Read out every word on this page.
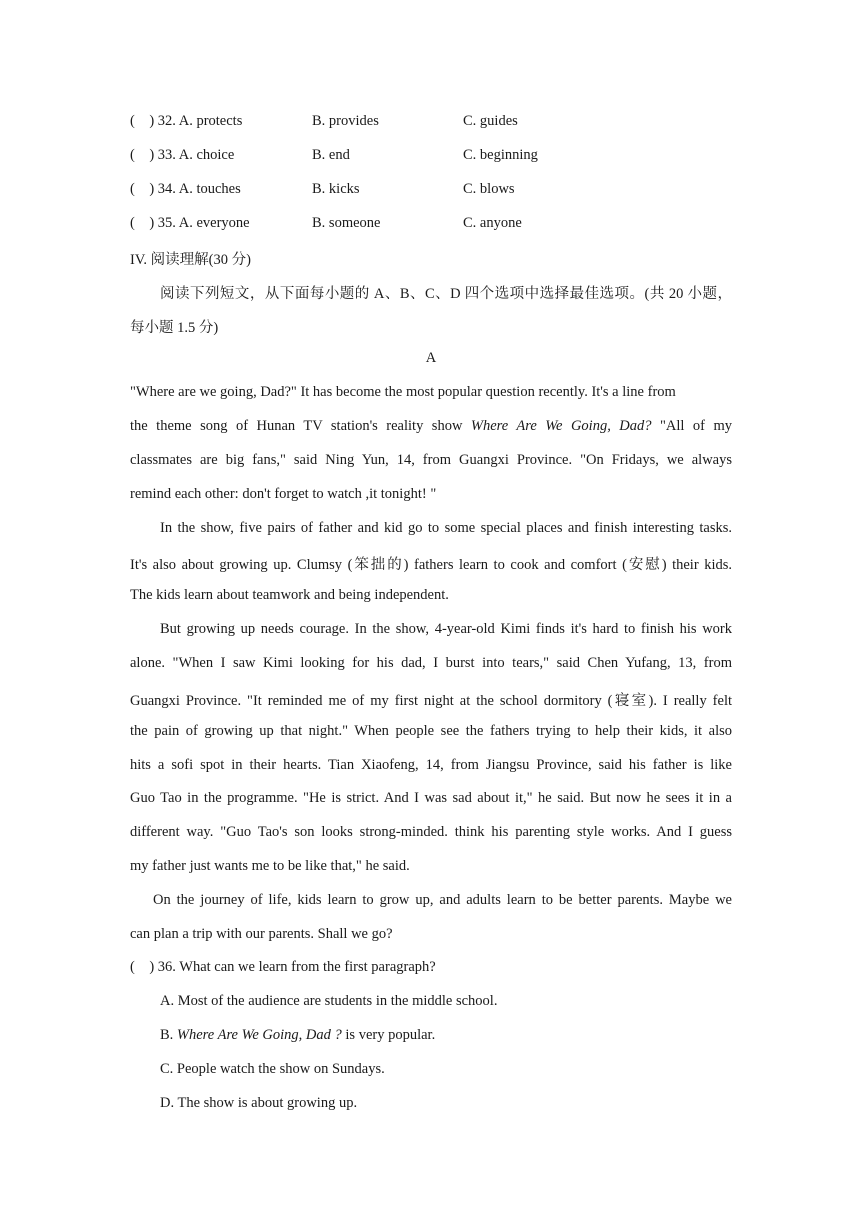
(    ) 32. A. protects	B. provides	C. guides
(    ) 33. A. choice	B. end	C. beginning
(    ) 34. A. touches	B. kicks	C. blows
(    ) 35. A. everyone	B. someone	C. anyone
IV. 阅读理解(30 分)
阅读下列短文，从下面每小题的 A、B、C、D 四个选项中选择最佳选项。(共 20 小题，
每小题 1.5 分)
A
"Where are we going, Dad?" It has become the most popular question recently. It's a line from
the theme song of Hunan TV station's reality show Where Are We Going, Dad? "All of my
classmates are big fans," said Ning Yun, 14, from Guangxi Province. "On Fridays, we always
remind each other: don't forget to watch ,it tonight! "
In the show, five pairs of father and kid go to some special places and finish interesting tasks.
It's also about growing up. Clumsy (笨拙的) fathers learn to cook and comfort (安慰) their kids.
The kids learn about teamwork and being independent.
But growing up needs courage. In the show, 4-year-old Kimi finds it's hard to finish his work
alone. "When I saw Kimi looking for his dad, I burst into tears," said Chen Yufang, 13, from
Guangxi Province. "It reminded me of my first night at the school dormitory (寝室). I really felt
the pain of growing up that night." When people see the fathers trying to help their kids, it also
hits a sofi spot in their hearts. Tian Xiaofeng, 14, from Jiangsu Province, said his father is like
Guo Tao in the programme. "He is strict. And I was sad about it," he said. But now he sees it in a
different way. "Guo Tao's son looks strong-minded. think his parenting style works. And I guess
my father just wants me to be like that," he said.
On the journey of life, kids learn to grow up, and adults learn to be better parents. Maybe we
can plan a trip with our parents. Shall we go?
(    ) 36. What can we learn from the first paragraph?
A. Most of the audience are students in the middle school.
B. Where Are We Going, Dad ? is very popular.
C. People watch the show on Sundays.
D. The show is about growing up.
